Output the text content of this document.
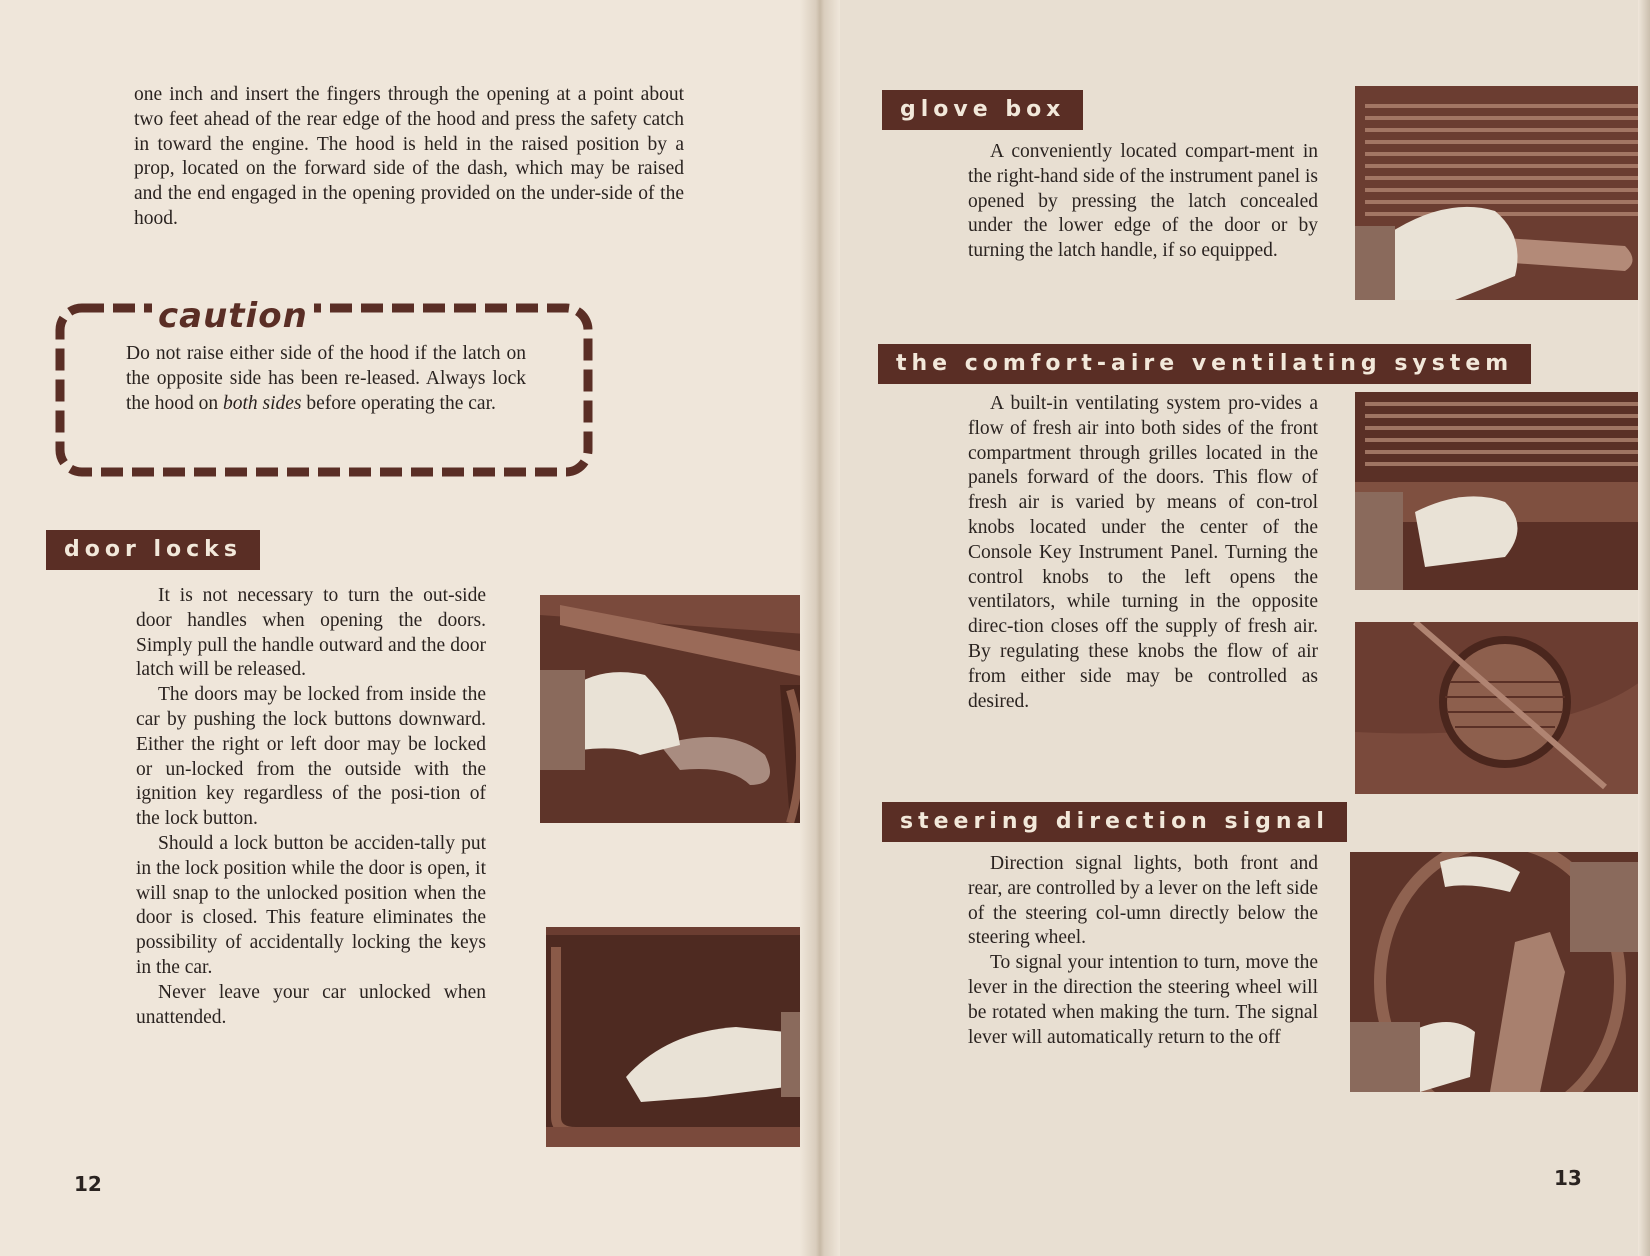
one inch and insert the fingers through the opening at a point about two feet ahead of the rear edge of the hood and press the safety catch in toward the engine. The hood is held in the raised position by a prop, located on the forward side of the dash, which may be raised and the end engaged in the opening provided on the under-side of the hood.

caution
Do not raise either side of the hood if the latch on the opposite side has been re-leased. Always lock the hood on both sides before operating the car.
door locks

It is not necessary to turn the out-side door handles when opening the doors. Simply pull the handle outward and the door latch will be released.

The doors may be locked from inside the car by pushing the lock buttons downward. Either the right or left door may be locked or un-locked from the outside with the ignition key regardless of the posi-tion of the lock button.

Should a lock button be acciden-tally put in the lock position while the door is open, it will snap to the unlocked position when the door is closed. This feature eliminates the possibility of accidentally locking the keys in the car.

Never leave your car unlocked when unattended.

12
glove box

A conveniently located compart-ment in the right-hand side of the instrument panel is opened by pressing the latch concealed under the lower edge of the door or by turning the latch handle, if so equipped.

the comfort-aire ventilating system

A built-in ventilating system pro-vides a flow of fresh air into both sides of the front compartment through grilles located in the panels forward of the doors. This flow of fresh air is varied by means of con-trol knobs located under the center of the Console Key Instrument Panel. Turning the control knobs to the left opens the ventilators, while turning in the opposite direc-tion closes off the supply of fresh air. By regulating these knobs the flow of air from either side may be controlled as desired.

steering direction signal

Direction signal lights, both front and rear, are controlled by a lever on the left side of the steering col-umn directly below the steering wheel.

To signal your intention to turn, move the lever in the direction the steering wheel will be rotated when making the turn. The signal lever will automatically return to the off

13
